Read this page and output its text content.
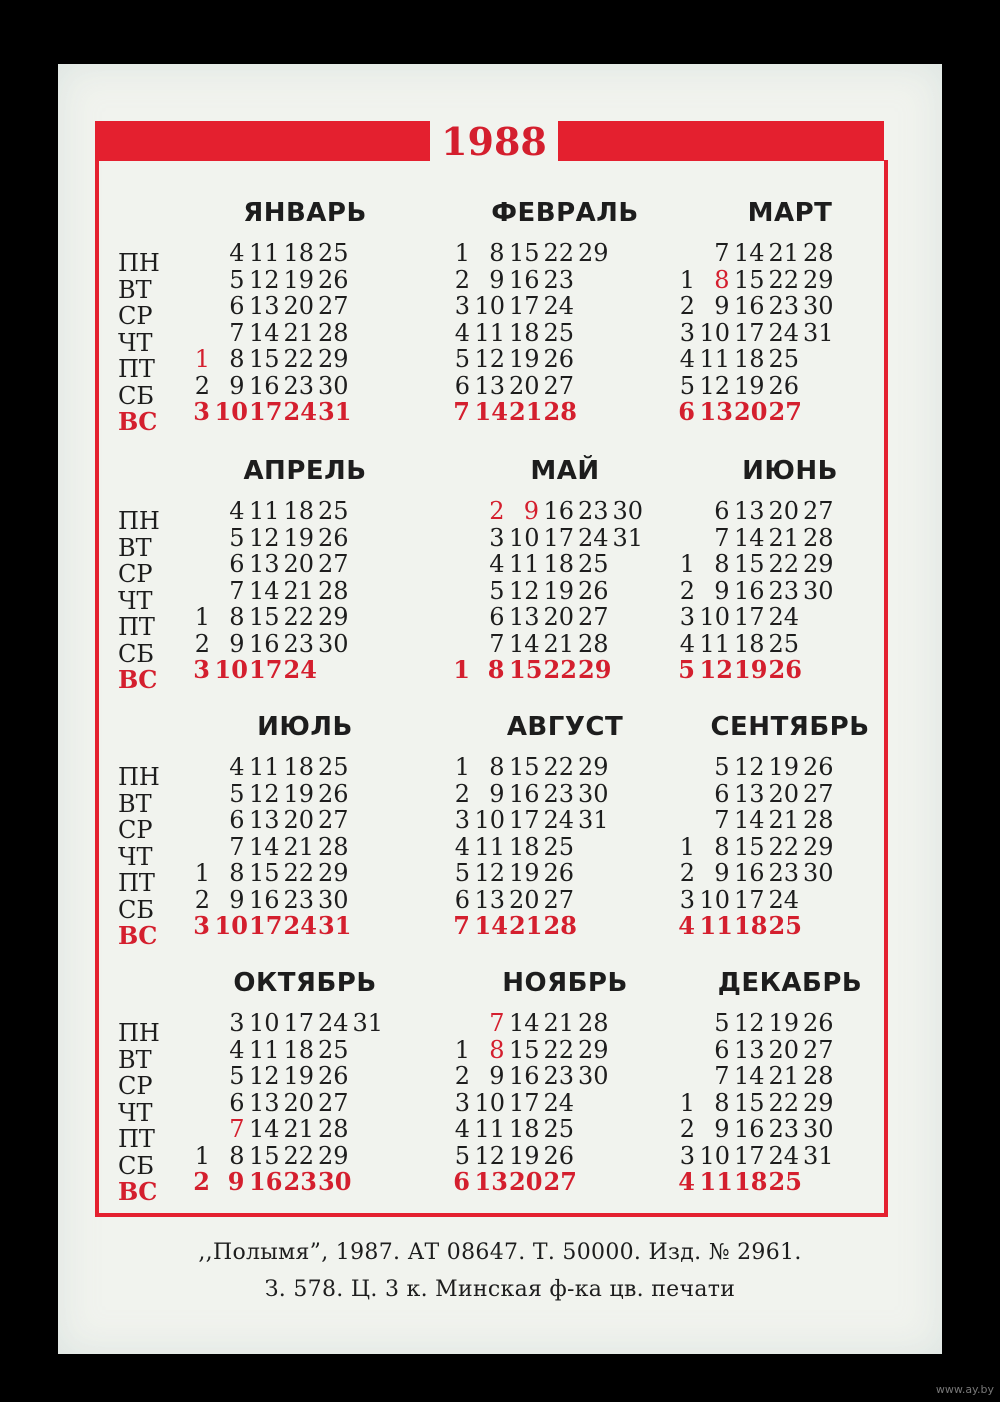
1988
ЯНВАРЬ
4 11 18 25
5 12 19 26
6 13 20 27
7 14 21 28
1 8 15 22 29
2 9 16 23 30
3 10 17 24 31
ФЕВРАЛЬ
1 8 15 22 29
2 9 16 23
3 10 17 24
4 11 18 25
5 12 19 26
6 13 20 27
7 14 21 28
МАРТ
7 14 21 28
1 8 15 22 29
2 9 16 23 30
3 10 17 24 31
4 11 18 25
5 12 19 26
6 13 20 27
АПРЕЛЬ
4 11 18 25
5 12 19 26
6 13 20 27
7 14 21 28
1 8 15 22 29
2 9 16 23 30
3 10 17 24
МАЙ
2 9 16 23 30
3 10 17 24 31
4 11 18 25
5 12 19 26
6 13 20 27
7 14 21 28
1 8 15 22 29
ИЮНЬ
6 13 20 27
7 14 21 28
1 8 15 22 29
2 9 16 23 30
3 10 17 24
4 11 18 25
5 12 19 26
ИЮЛЬ
4 11 18 25
5 12 19 26
6 13 20 27
7 14 21 28
1 8 15 22 29
2 9 16 23 30
3 10 17 24 31
АВГУСТ
1 8 15 22 29
2 9 16 23 30
3 10 17 24 31
4 11 18 25
5 12 19 26
6 13 20 27
7 14 21 28
СЕНТЯБРЬ
5 12 19 26
6 13 20 27
7 14 21 28
1 8 15 22 29
2 9 16 23 30
3 10 17 24
4 11 18 25
ОКТЯБРЬ
3 10 17 24 31
4 11 18 25
5 12 19 26
6 13 20 27
7 14 21 28
1 8 15 22 29
2 9 16 23 30
НОЯБРЬ
7 14 21 28
1 8 15 22 29
2 9 16 23 30
3 10 17 24
4 11 18 25
5 12 19 26
6 13 20 27
ДЕКАБРЬ
5 12 19 26
6 13 20 27
7 14 21 28
1 8 15 22 29
2 9 16 23 30
3 10 17 24 31
4 11 18 25
,,Полымя”, 1987. АТ 08647. Т. 50000. Изд. № 2961.
З. 578. Ц. 3 к. Минская ф-ка цв. печати
www.ay.by
ПН
ВТ
СР
ЧТ
ПТ
СБ
ВС
ПН
ВТ
СР
ЧТ
ПТ
СБ
ВС
ПН
ВТ
СР
ЧТ
ПТ
СБ
ВС
ПН
ВТ
СР
ЧТ
ПТ
СБ
ВС
